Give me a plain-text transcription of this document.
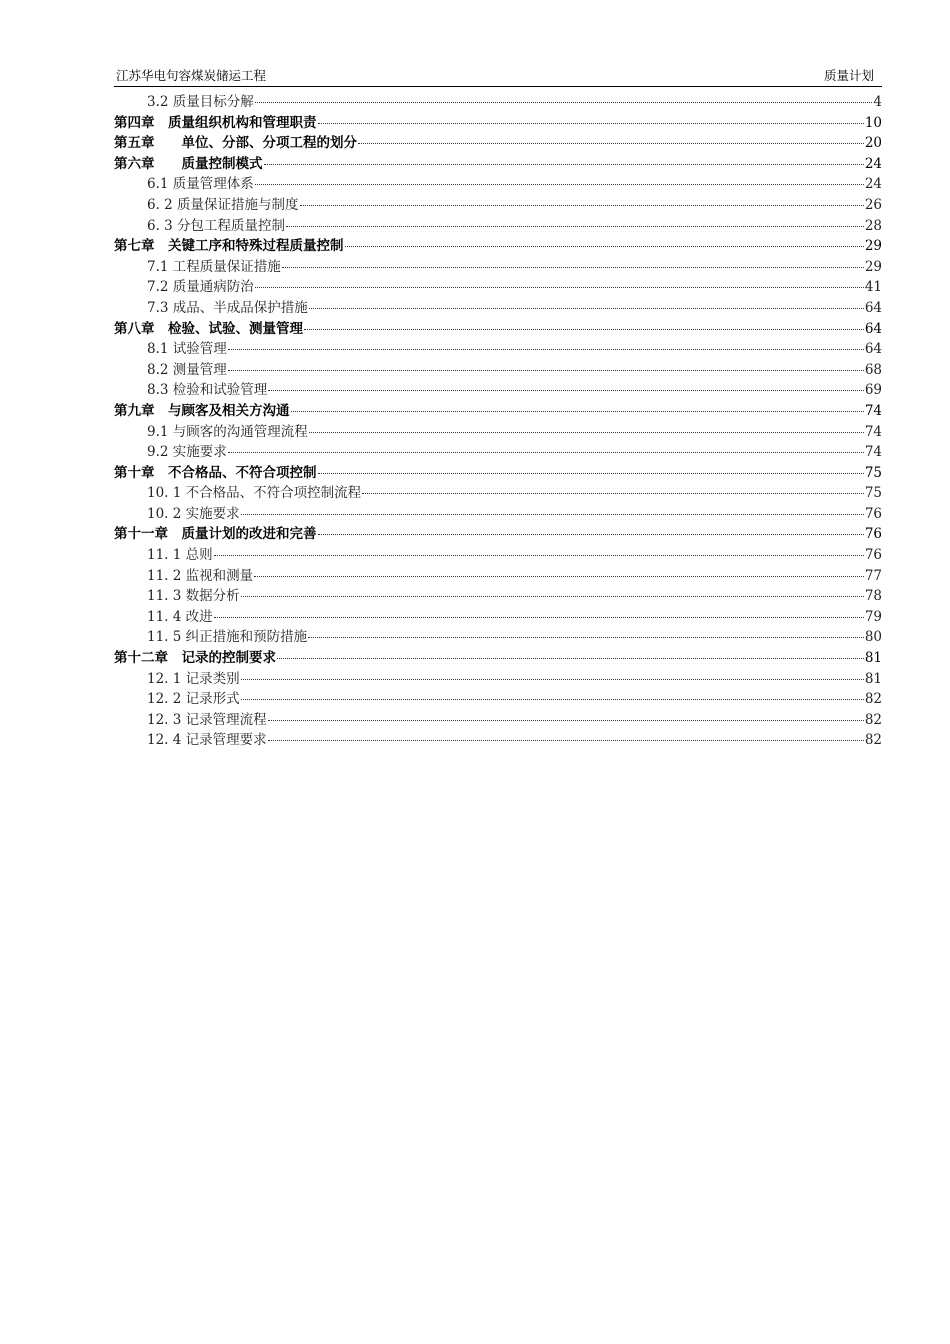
江苏华电句容煤炭储运工程	质量计划
3.2 质量目标分解	4
第四章　质量组织机构和管理职责	10
第五章　　单位、分部、分项工程的划分	20
第六章　　质量控制模式	24
6.1 质量管理体系	24
6. 2 质量保证措施与制度	26
6. 3 分包工程质量控制	28
第七章　关键工序和特殊过程质量控制	29
7.1 工程质量保证措施	29
7.2 质量通病防治	41
7.3 成品、半成品保护措施	64
第八章　检验、试验、测量管理	64
8.1 试验管理	64
8.2 测量管理	68
8.3 检验和试验管理	69
第九章　与顾客及相关方沟通	74
9.1 与顾客的沟通管理流程	74
9.2 实施要求	74
第十章　不合格品、不符合项控制	75
10. 1 不合格品、不符合项控制流程	75
10. 2 实施要求	76
第十一章　质量计划的改进和完善	76
11. 1 总则	76
11. 2 监视和测量	77
11. 3 数据分析	78
11. 4 改进	79
11. 5 纠正措施和预防措施	80
第十二章　记录的控制要求	81
12. 1 记录类别	81
12. 2 记录形式	82
12. 3 记录管理流程	82
12. 4 记录管理要求	82
